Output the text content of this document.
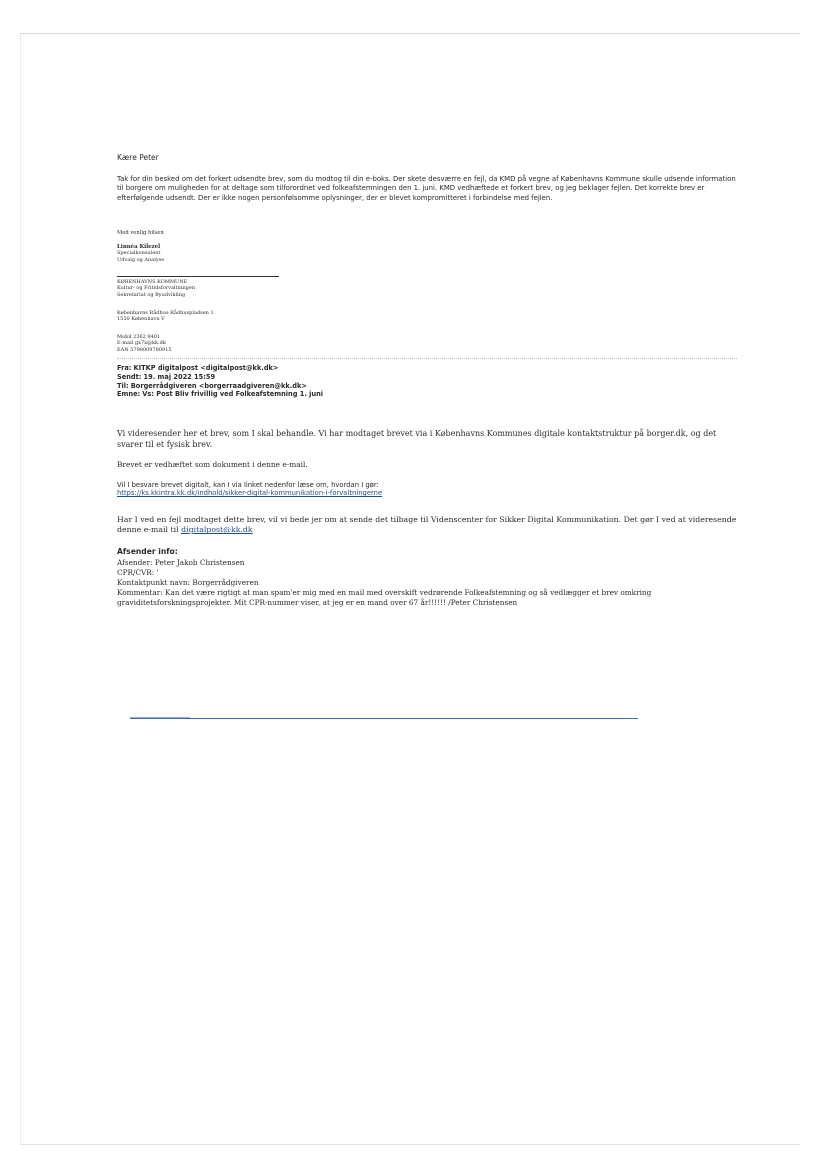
Kære Peter
Tak for din besked om det forkert udsendte brev, som du modtog til din e-boks. Der skete desværre en fejl, da KMD på vegne af Københavns Kommune skulle udsende information til borgere om muligheden for at deltage som tilforordnet ved folkeafstemningen den 1. juni. KMD vedhæftede et forkert brev, og jeg beklager fejlen. Det korrekte brev er efterfølgende udsendt. Der er ikke nogen personfølsomme oplysninger, der er blevet kompromitteret i forbindelse med fejlen.
Med venlig hilsen
Linnéa Kilezel
Specialkonsulent
Udvalg og Analyse
KØBENHAVNS KOMMUNE
Kultur- og Fritidsforvaltningen
Sekretariat og Byudvikling
Københavns Rådhus Rådhuspladsen 1
1550 København V
Mobil 2362 9401
E-mail gx7x@kk.dk
EAN 5798009780915
Fra: KITKP digitalpost <digitalpost@kk.dk>
Sendt: 19. maj 2022 15:59
Til: Borgerrådgiveren <borgerraadgiveren@kk.dk>
Emne: Vs: Post Bliv frivillig ved Folkeafstemning 1. juni
Vi videresender her et brev, som I skal behandle. Vi har modtaget brevet via i Københavns Kommunes digitale kontaktstruktur på borger.dk, og det svarer til et fysisk brev.
Brevet er vedhæftet som dokument i denne e-mail.
Vil I besvare brevet digitalt, kan I via linket nedenfor læse om, hvordan I gør:
https://ks.kkintra.kk.dk/indhold/sikker-digital-kommunikation-i-forvaltningerne
Har I ved en fejl modtaget dette brev, vil vi bede jer om at sende det tilbage til Videnscenter for Sikker Digital Kommunikation. Det gør I ved at videresende denne e-mail til digitalpost@kk.dk
Afsender info:
Afsender: Peter Jakob Christensen
CPR/CVR: '
Kontaktpunkt navn: Borgerrådgiveren
Kommentar: Kan det være rigtigt at man spam'er mig med en mail med overskift vedrørende Folkeafstemning og så vedlægger et brev omkring
graviditetsforskningsprojekter. Mit CPR-nummer viser, at jeg er en mand over 67 år!!!!!! /Peter Christensen
